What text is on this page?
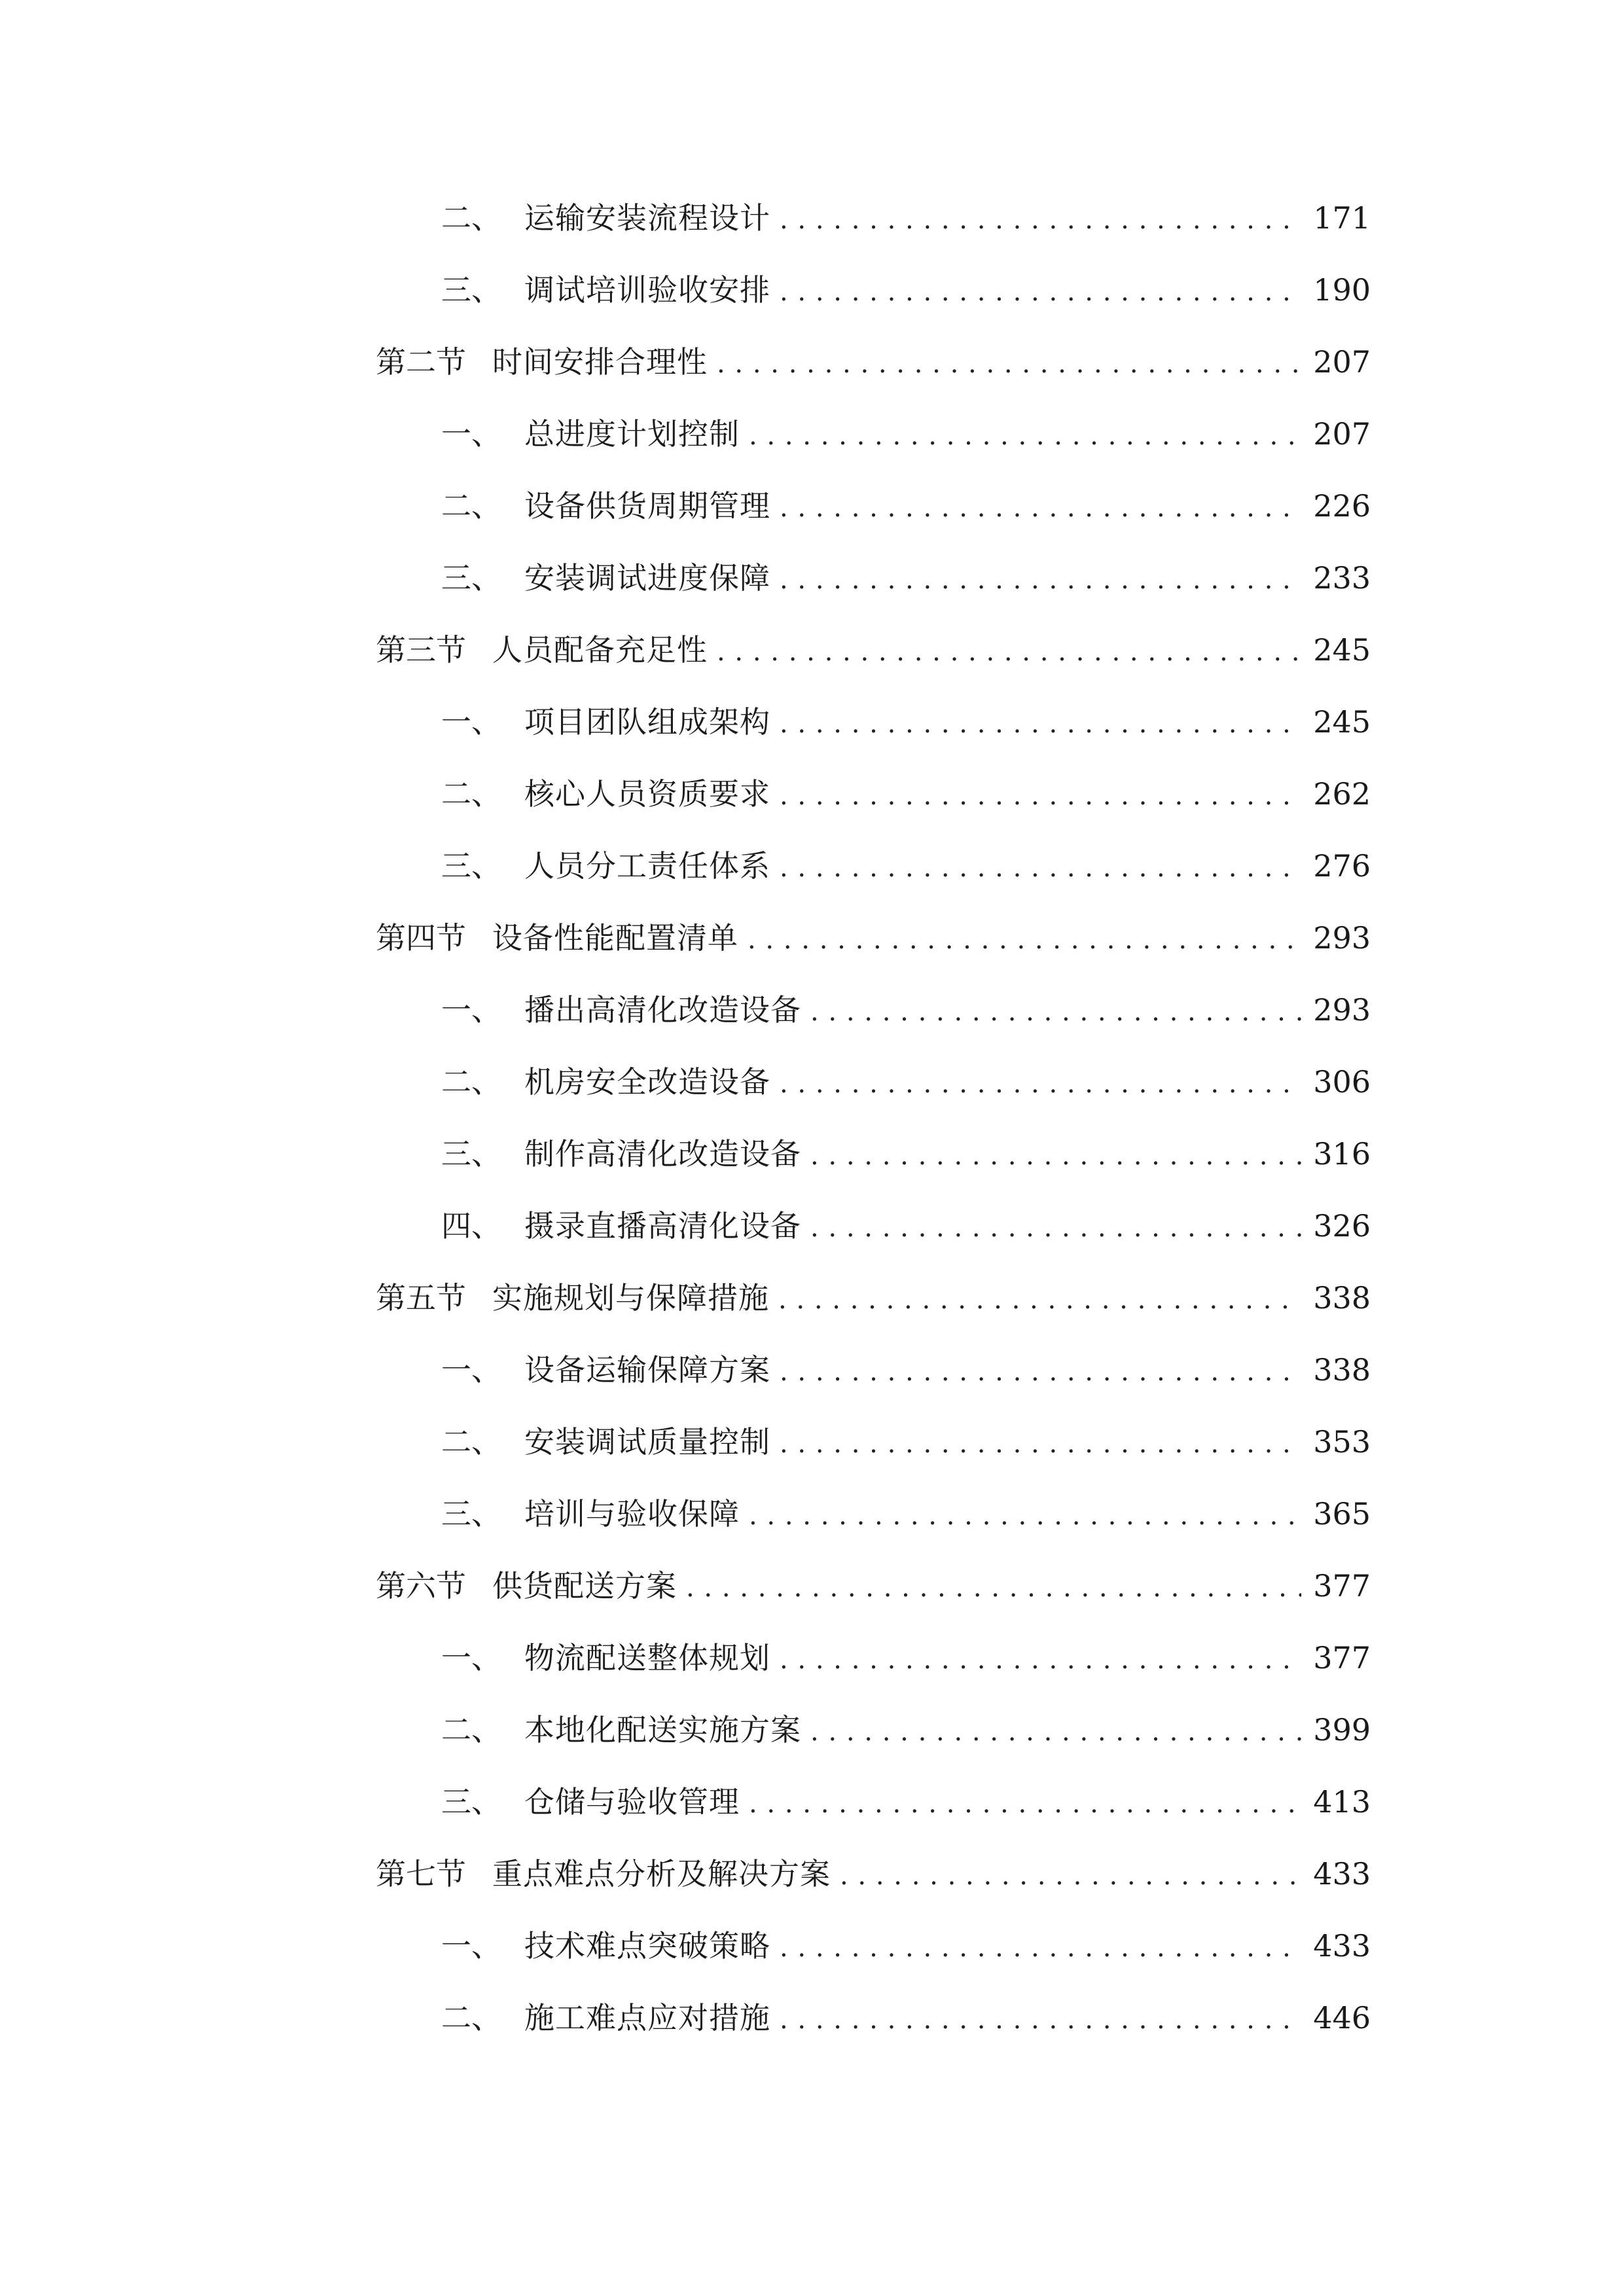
二、 运输安装流程设计 . . .	171
三、 调试培训验收安排 . . .	190
第二节 时间安排合理性 . . .	207
一、 总进度计划控制 . . .	207
二、 设备供货周期管理 . . .	226
三、 安装调试进度保障 . . .	233
第三节 人员配备充足性 . . .	245
一、 项目团队组成架构 . . .	245
二、 核心人员资质要求 . . .	262
三、 人员分工责任体系 . . .	276
第四节 设备性能配置清单 . . .	293
一、 播出高清化改造设备 . . .	293
二、 机房安全改造设备 . . .	306
三、 制作高清化改造设备 . . .	316
四、 摄录直播高清化设备 . . .	326
第五节 实施规划与保障措施 . . .	338
一、 设备运输保障方案 . . .	338
二、 安装调试质量控制 . . .	353
三、 培训与验收保障 . . .	365
第六节 供货配送方案 . . .	377
一、 物流配送整体规划 . . .	377
二、 本地化配送实施方案 . . .	399
三、 仓储与验收管理 . . .	413
第七节 重点难点分析及解决方案 . . .	433
一、 技术难点突破策略 . . .	433
二、 施工难点应对措施 . . .	446
